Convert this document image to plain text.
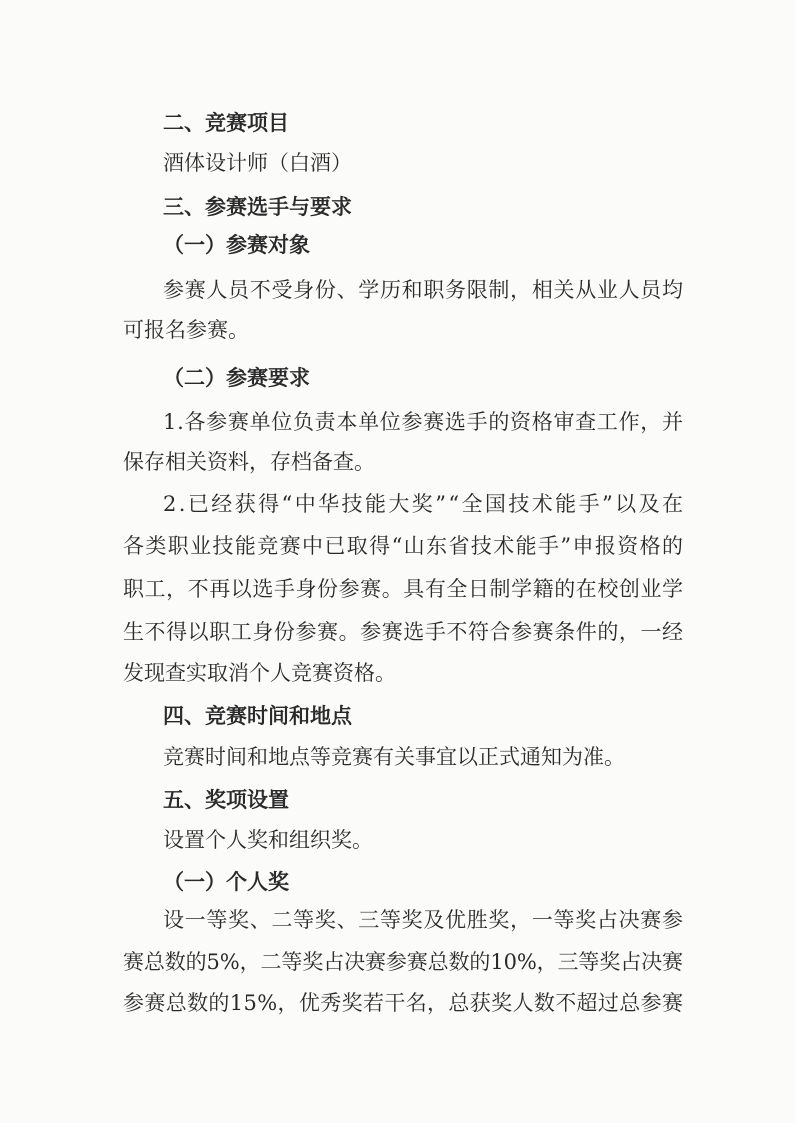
二、竞赛项目
酒体设计师（白酒）
三、参赛选手与要求
（一）参赛对象
参赛人员不受身份、学历和职务限制，相关从业人员均
可报名参赛。
（二）参赛要求
1.各参赛单位负责本单位参赛选手的资格审查工作，并
保存相关资料，存档备查。
2.已经获得“中华技能大奖”“全国技术能手”以及在
各类职业技能竞赛中已取得“山东省技术能手”申报资格的
职工，不再以选手身份参赛。具有全日制学籍的在校创业学
生不得以职工身份参赛。参赛选手不符合参赛条件的，一经
发现查实取消个人竞赛资格。
四、竞赛时间和地点
竞赛时间和地点等竞赛有关事宜以正式通知为准。
五、奖项设置
设置个人奖和组织奖。
（一）个人奖
设一等奖、二等奖、三等奖及优胜奖，一等奖占决赛参
赛总数的5%，二等奖占决赛参赛总数的10%，三等奖占决赛
参赛总数的15%，优秀奖若干名，总获奖人数不超过总参赛
